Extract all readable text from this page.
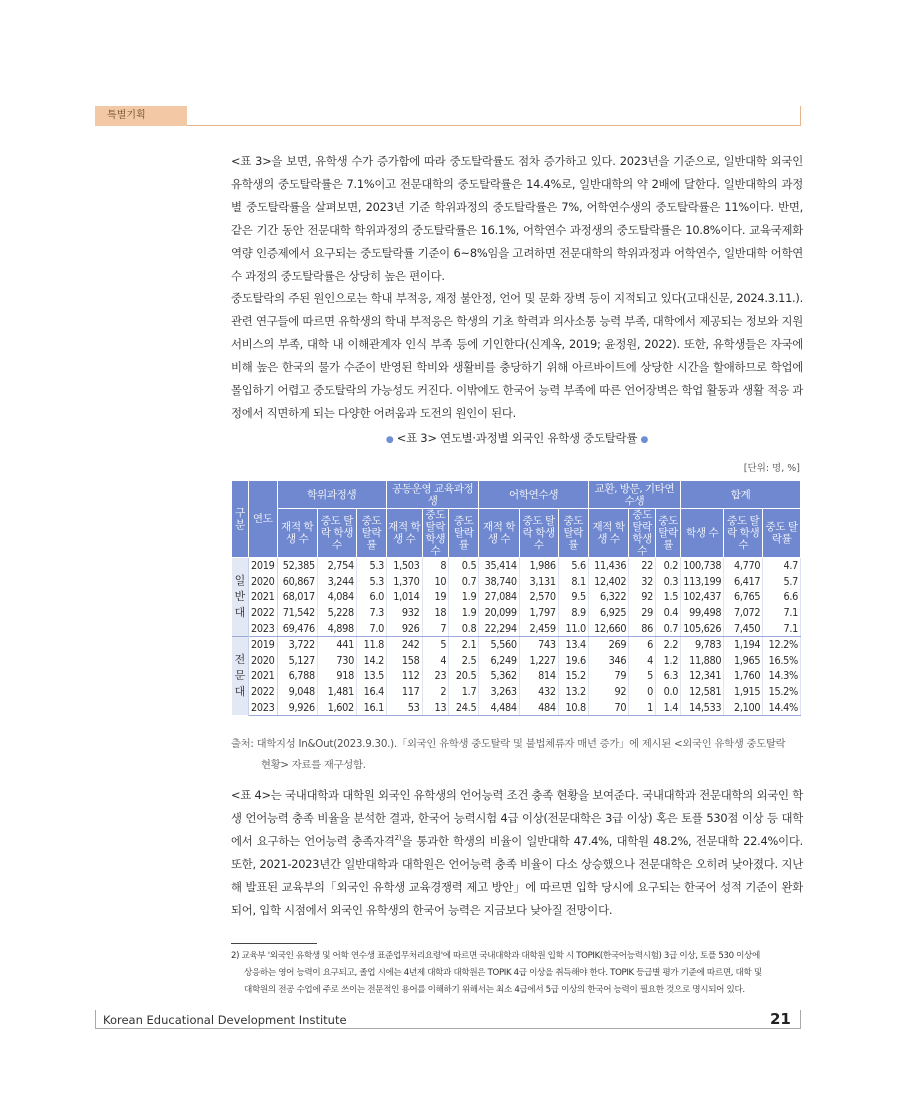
특별기획

<표 3>을 보면, 유학생 수가 증가함에 따라 중도탈락률도 점차 증가하고 있다. 2023년을 기준으로, 일반대학 외국인 유학생의 중도탈락률은 7.1%이고 전문대학의 중도탈락률은 14.4%로, 일반대학의 약 2배에 달한다. 일반대학의 과정별 중도탈락률을 살펴보면, 2023년 기준 학위과정의 중도탈락률은 7%, 어학연수생의 중도탈락률은 11%이다. 반면, 같은 기간 동안 전문대학 학위과정의 중도탈락률은 16.1%, 어학연수 과정생의 중도탈락률은 10.8%이다. 교육국제화역량 인증제에서 요구되는 중도탈락률 기준이 6~8%임을 고려하면 전문대학의 학위과정과 어학연수, 일반대학 어학연수 과정의 중도탈락률은 상당히 높은 편이다.

중도탈락의 주된 원인으로는 학내 부적응, 재정 불안정, 언어 및 문화 장벽 등이 지적되고 있다(고대신문, 2024.3.11.). 관련 연구들에 따르면 유학생의 학내 부적응은 학생의 기초 학력과 의사소통 능력 부족, 대학에서 제공되는 정보와 지원 서비스의 부족, 대학 내 이해관계자 인식 부족 등에 기인한다(신계옥, 2019; 윤정원, 2022). 또한, 유학생들은 자국에 비해 높은 한국의 물가 수준이 반영된 학비와 생활비를 충당하기 위해 아르바이트에 상당한 시간을 할애하므로 학업에 몰입하기 어렵고 중도탈락의 가능성도 커진다. 이밖에도 한국어 능력 부족에 따른 언어장벽은 학업 활동과 생활 적응 과정에서 직면하게 되는 다양한 어려움과 도전의 원인이 된다.

● <표 3> 연도별·과정별 외국인 유학생 중도탈락률 ●
[단위: 명, %]
구분	연도	학위과정생			공동운영 교육과정생			어학연수생			교환, 방문, 기타연수생			합계		
		재적 학생 수	중도 탈락 학생 수	중도 탈락률	재적 학생 수	중도 탈락 학생 수	중도 탈락률	재적 학생 수	중도 탈락 학생 수	중도 탈락률	재적 학생 수	중도 탈락 학생 수	중도 탈락률	학생 수	중도 탈락 학생 수	중도 탈락률
일
반
대	2019	52,385	2,754	5.3	1,503	8	0.5	35,414	1,986	5.6	11,436	22	0.2	100,738	4,770	4.7
	2020	60,867	3,244	5.3	1,370	10	0.7	38,740	3,131	8.1	12,402	32	0.3	113,199	6,417	5.7
	2021	68,017	4,084	6.0	1,014	19	1.9	27,084	2,570	9.5	6,322	92	1.5	102,437	6,765	6.6
	2022	71,542	5,228	7.3	932	18	1.9	20,099	1,797	8.9	6,925	29	0.4	99,498	7,072	7.1
	2023	69,476	4,898	7.0	926	7	0.8	22,294	2,459	11.0	12,660	86	0.7	105,626	7,450	7.1
전
문
대	2019	3,722	441	11.8	242	5	2.1	5,560	743	13.4	269	6	2.2	9,783	1,194	12.2%
	2020	5,127	730	14.2	158	4	2.5	6,249	1,227	19.6	346	4	1.2	11,880	1,965	16.5%
	2021	6,788	918	13.5	112	23	20.5	5,362	814	15.2	79	5	6.3	12,341	1,760	14.3%
	2022	9,048	1,481	16.4	117	2	1.7	3,263	432	13.2	92	0	0.0	12,581	1,915	15.2%
	2023	9,926	1,602	16.1	53	13	24.5	4,484	484	10.8	70	1	1.4	14,533	2,100	14.4%
출처: 대학지성 In&Out(2023.9.30.).「외국인 유학생 중도탈락 및 불법체류자 매년 증가」에 제시된 <외국인 유학생 중도탈락
현황> 자료를 재구성함.

<표 4>는 국내대학과 대학원 외국인 유학생의 언어능력 조건 충족 현황을 보여준다. 국내대학과 전문대학의 외국인 학생 언어능력 충족 비율을 분석한 결과, 한국어 능력시험 4급 이상(전문대학은 3급 이상) 혹은 토플 530점 이상 등 대학에서 요구하는 언어능력 충족자격$^{2)}$을 통과한 학생의 비율이 일반대학 47.4%, 대학원 48.2%, 전문대학 22.4%이다. 또한, 2021-2023년간 일반대학과 대학원은 언어능력 충족 비율이 다소 상승했으나 전문대학은 오히려 낮아졌다. 지난해 발표된 교육부의「외국인 유학생 교육경쟁력 제고 방안」에 따르면 입학 당시에 요구되는 한국어 성적 기준이 완화되어, 입학 시점에서 외국인 유학생의 한국어 능력은 지금보다 낮아질 전망이다.

2) 교육부 '외국인 유학생 및 어학 연수생 표준업무처리요령'에 따르면 국내대학과 대학원 입학 시 TOPIK(한국어능력시험) 3급 이상, 토플 530 이상에
상응하는 영어 능력이 요구되고, 졸업 시에는 4년제 대학과 대학원은 TOPIK 4급 이상을 취득해야 한다. TOPIK 등급별 평가 기준에 따르면, 대학 및
대학원의 전공 수업에 주로 쓰이는 전문적인 용어를 이해하기 위해서는 최소 4급에서 5급 이상의 한국어 능력이 필요한 것으로 명시되어 있다.
Korean Educational Development Institute	21
